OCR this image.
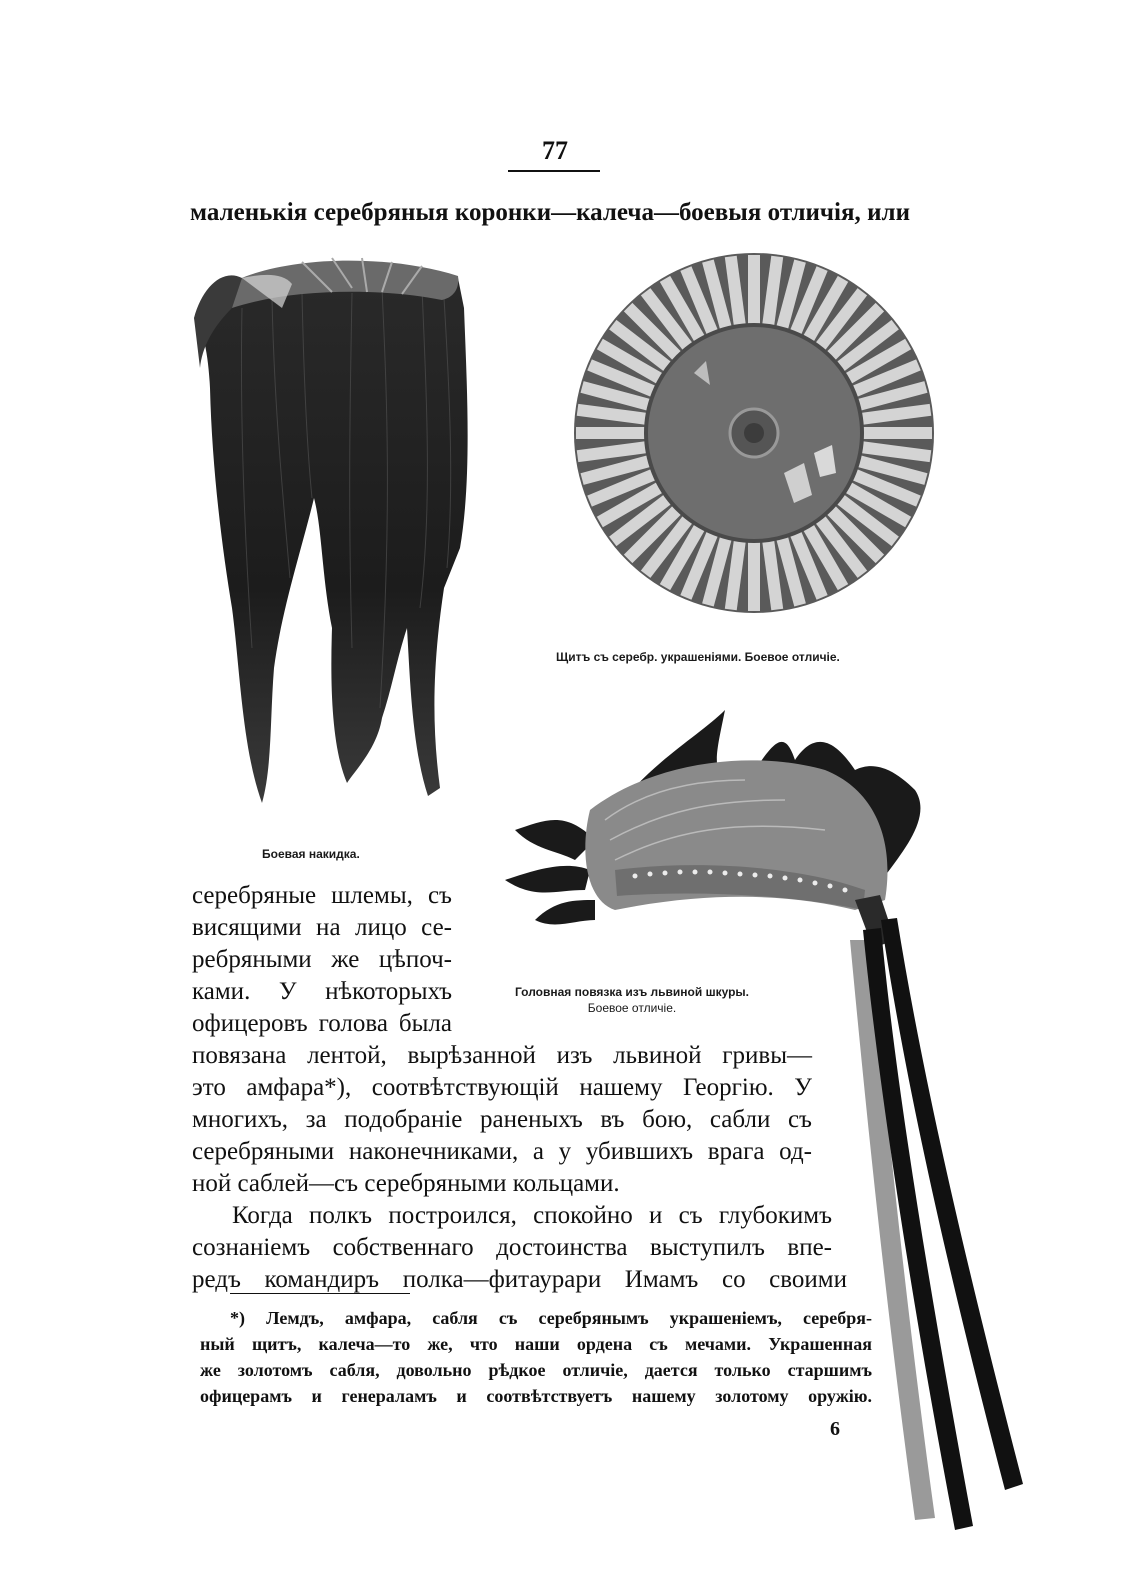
77
маленькія серебряныя коронки—калеча—боевыя отличія, или
Щитъ съ серебр. украшеніями. Боевое отличіе.
Боевая накидка.
Головная повязка изъ львиной шкуры.
Боевое отличіе.
серебряные шлемы, съ
висящими на лицо се-
ребряными же цѣпоч-
ками. У нѣкоторыхъ
офицеровъ голова была
повязана лентой, вырѣзанной изъ львиной гривы—
это амфара*), соотвѣтствующій нашему Георгію. У
многихъ, за подобраніе раненыхъ въ бою, сабли съ
серебряными наконечниками, а у убившихъ врага од-
ной саблей—съ серебряными кольцами.
Когда полкъ построился, спокойно и съ глубокимъ
сознаніемъ собственнаго достоинства выступилъ впе-
редъ командиръ полка—фитаурари Имамъ со своими
*) Лемдъ, амфара, сабля съ серебрянымъ украшеніемъ, серебря-
ный щитъ, калеча—то же, что наши ордена съ мечами. Украшенная
же золотомъ сабля, довольно рѣдкое отличіе, дается только старшимъ
офицерамъ и генераламъ и соотвѣтствуетъ нашему золотому оружію.
6
